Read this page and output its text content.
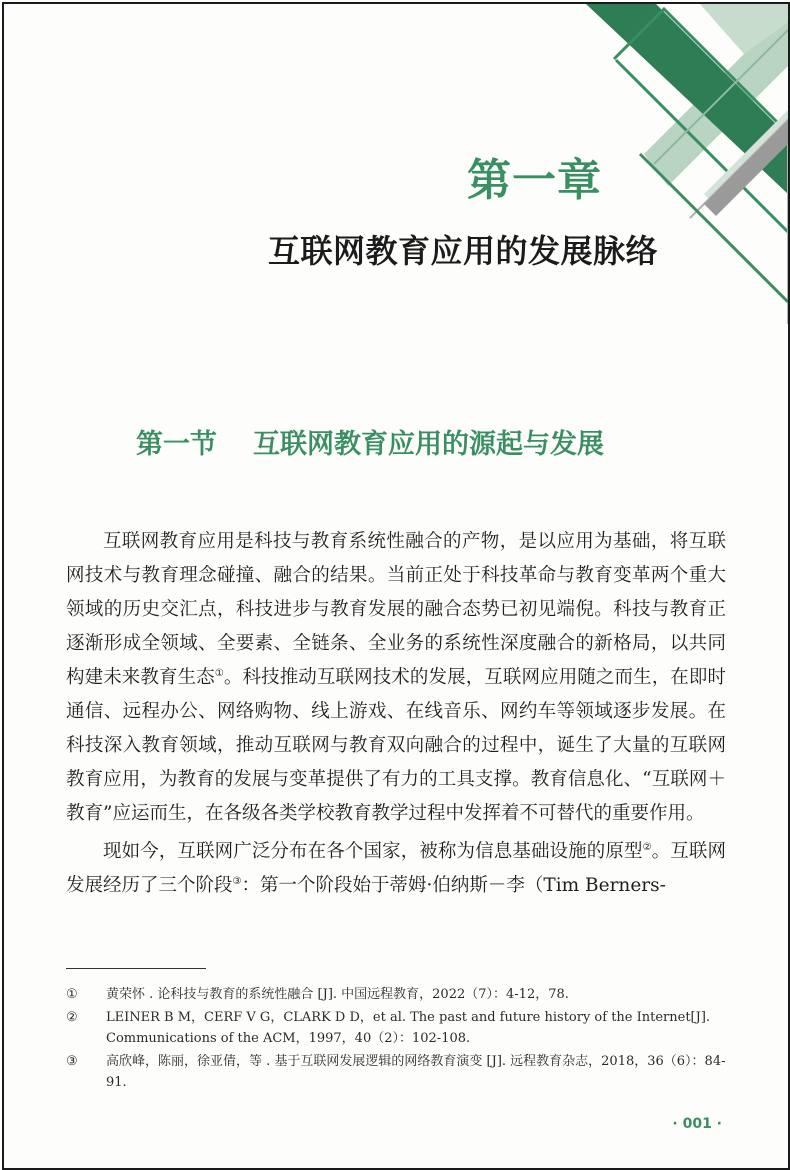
第一章
互联网教育应用的发展脉络
第一节 互联网教育应用的源起与发展

互联网教育应用是科技与教育系统性融合的产物，是以应用为基础，将互联网技术与教育理念碰撞、融合的结果。当前正处于科技革命与教育变革两个重大领域的历史交汇点，科技进步与教育发展的融合态势已初见端倪。科技与教育正逐渐形成全领域、全要素、全链条、全业务的系统性深度融合的新格局，以共同构建未来教育生态①。科技推动互联网技术的发展，互联网应用随之而生，在即时通信、远程办公、网络购物、线上游戏、在线音乐、网约车等领域逐步发展。在科技深入教育领域，推动互联网与教育双向融合的过程中，诞生了大量的互联网教育应用，为教育的发展与变革提供了有力的工具支撑。教育信息化、“互联网＋教育”应运而生，在各级各类学校教育教学过程中发挥着不可替代的重要作用。

现如今，互联网广泛分布在各个国家，被称为信息基础设施的原型②。互联网发展经历了三个阶段③：第一个阶段始于蒂姆·伯纳斯－李（Tim Berners-

①	黄荣怀 . 论科技与教育的系统性融合 [J]. 中国远程教育，2022（7）：4-12，78.
②	LEINER B M，CERF V G，CLARK D D，et al. The past and future history of the Internet[J]. Communications of the ACM，1997，40（2）：102-108.
③	高欣峰，陈丽，徐亚倩，等 . 基于互联网发展逻辑的网络教育演变 [J]. 远程教育杂志，2018，36（6）：84-91.
· 001 ·
